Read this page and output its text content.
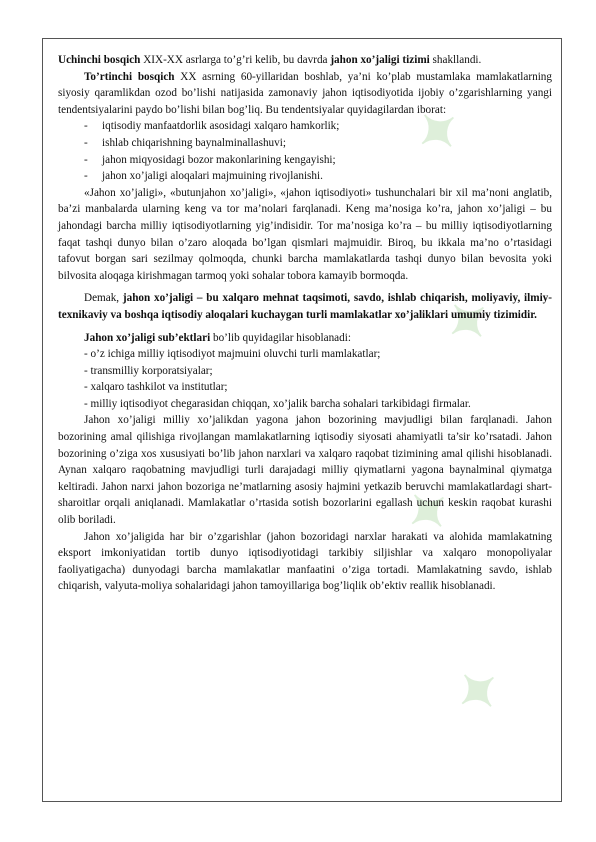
✦
✦
✦
✦

Uchinchi bosqich XIX-XX asrlarga to’g’ri kelib, bu davrda jahon xo’jaligi tizimi shakllandi.

To’rtinchi bosqich XX asrning 60-yillaridan boshlab, ya’ni ko’plab mustamlaka mamlakatlarning siyosiy qaramlikdan ozod bo’lishi natijasida zamonaviy jahon iqtisodiyotida ijobiy o’zgarishlarning yangi tendentsiyalarini paydo bo’lishi bilan bog’liq. Bu tendentsiyalar quyidagilardan iborat:

- iqtisodiy manfaatdorlik asosidagi xalqaro hamkorlik;

- ishlab chiqarishning baynalminallashuvi;

- jahon miqyosidagi bozor makonlarining kengayishi;

- jahon xo’jaligi aloqalari majmuining rivojlanishi.

«Jahon xo’jaligi», «butunjahon xo’jaligi», «jahon iqtisodiyoti» tushunchalari bir xil ma’noni anglatib, ba’zi manbalarda ularning keng va tor ma’nolari farqlanadi. Keng ma’nosiga ko’ra, jahon xo’jaligi – bu jahondagi barcha milliy iqtisodiyotlarning yig’indisidir. Tor ma’nosiga ko’ra – bu milliy iqtisodiyotlarning faqat tashqi dunyo bilan o’zaro aloqada bo’lgan qismlari majmuidir. Biroq, bu ikkala ma’no o’rtasidagi tafovut borgan sari sezilmay qolmoqda, chunki barcha mamlakatlarda tashqi dunyo bilan bevosita yoki bilvosita aloqaga kirishmagan tarmoq yoki sohalar tobora kamayib bormoqda.

Demak, jahon xo’jaligi – bu xalqaro mehnat taqsimoti, savdo, ishlab chiqarish, moliyaviy, ilmiy-texnikaviy va boshqa iqtisodiy aloqalari kuchaygan turli mamlakatlar xo’jaliklari umumiy tizimidir.

Jahon xo’jaligi sub’ektlari bo’lib quyidagilar hisoblanadi:

- o’z ichiga milliy iqtisodiyot majmuini oluvchi turli mamlakatlar;

- transmilliy korporatsiyalar;

- xalqaro tashkilot va institutlar;

- milliy iqtisodiyot chegarasidan chiqqan, xo’jalik barcha sohalari tarkibidagi firmalar.

Jahon xo’jaligi milliy xo’jalikdan yagona jahon bozorining mavjudligi bilan farqlanadi. Jahon bozorining amal qilishiga rivojlangan mamlakatlarning iqtisodiy siyosati ahamiyatli ta’sir ko’rsatadi. Jahon bozorining o’ziga xos xususiyati bo’lib jahon narxlari va xalqaro raqobat tizimining amal qilishi hisoblanadi. Aynan xalqaro raqobatning mavjudligi turli darajadagi milliy qiymatlarni yagona baynalminal qiymatga keltiradi. Jahon narxi jahon bozoriga ne’matlarning asosiy hajmini yetkazib beruvchi mamlakatlardagi shart-sharoitlar orqali aniqlanadi. Mamlakatlar o’rtasida sotish bozorlarini egallash uchun keskin raqobat kurashi olib boriladi.

Jahon xo’jaligida har bir o’zgarishlar (jahon bozoridagi narxlar harakati va alohida mamlakatning eksport imkoniyatidan tortib dunyo iqtisodiyotidagi tarkibiy siljishlar va xalqaro monopoliyalar faoliyatigacha) dunyodagi barcha mamlakatlar manfaatini o’ziga tortadi. Mamlakatning savdo, ishlab chiqarish, valyuta-moliya sohalaridagi jahon tamoyillariga bog’liqlik ob’ektiv reallik hisoblanadi.
